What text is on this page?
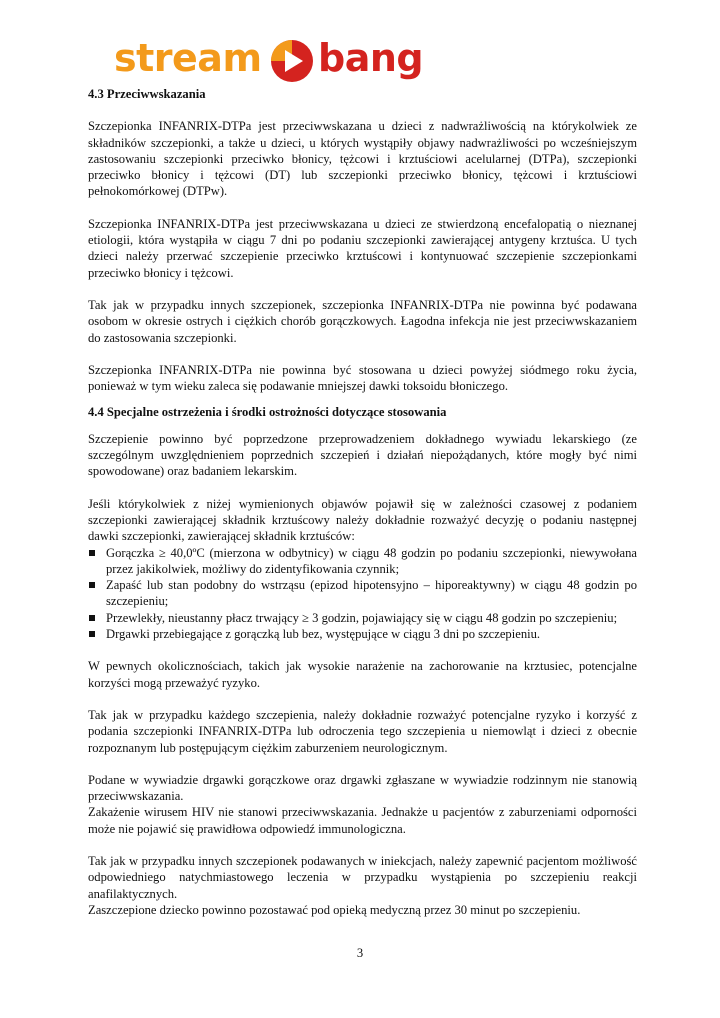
stream bang
4.3 Przeciwwskazania

Szczepionka INFANRIX-DTPa jest przeciwwskazana u dzieci z nadwrażliwością na którykolwiek ze składników szczepionki, a także u dzieci, u których wystąpiły objawy nadwrażliwości po wcześniejszym zastosowaniu szczepionki przeciwko błonicy, tężcowi i krztuściowi acelularnej (DTPa), szczepionki przeciwko błonicy i tężcowi (DT) lub szczepionki przeciwko błonicy, tężcowi i krztuściowi pełnokomórkowej (DTPw).

Szczepionka INFANRIX-DTPa jest przeciwwskazana u dzieci ze stwierdzoną encefalopatią o nieznanej etiologii, która wystąpiła w ciągu 7 dni po podaniu szczepionki zawierającej antygeny krztuśca. U tych dzieci należy przerwać szczepienie przeciwko krztuścowi i kontynuować szczepienie szczepionkami przeciwko błonicy i tężcowi.

Tak jak w przypadku innych szczepionek, szczepionka INFANRIX-DTPa nie powinna być podawana osobom w okresie ostrych i ciężkich chorób gorączkowych. Łagodna infekcja nie jest przeciwwskazaniem do zastosowania szczepionki.

Szczepionka INFANRIX-DTPa nie powinna być stosowana u dzieci powyżej siódmego roku życia, ponieważ w tym wieku zaleca się podawanie mniejszej dawki toksoidu błoniczego.

4.4 Specjalne ostrzeżenia i środki ostrożności dotyczące stosowania

Szczepienie powinno być poprzedzone przeprowadzeniem dokładnego wywiadu lekarskiego (ze szczególnym uwzględnieniem poprzednich szczepień i działań niepożądanych, które mogły być nimi spowodowane) oraz badaniem lekarskim.

Jeśli którykolwiek z niżej wymienionych objawów pojawił się w zależności czasowej z podaniem szczepionki zawierającej składnik krztuścowy należy dokładnie rozważyć decyzję o podaniu następnej dawki szczepionki, zawierającej składnik krztuśców:

Gorączka ≥ 40,0ºC (mierzona w odbytnicy) w ciągu 48 godzin po podaniu szczepionki, niewywołana przez jakikolwiek, możliwy do zidentyfikowania czynnik;
Zapaść lub stan podobny do wstrząsu (epizod hipotensyjno – hiporeaktywny) w ciągu 48 godzin po szczepieniu;
Przewlekły, nieustanny płacz trwający ≥ 3 godzin, pojawiający się w ciągu 48 godzin po szczepieniu;
Drgawki przebiegające z gorączką lub bez, występujące w ciągu 3 dni po szczepieniu.

W pewnych okolicznościach, takich jak wysokie narażenie na zachorowanie na krztusiec, potencjalne korzyści mogą przeważyć ryzyko.

Tak jak w przypadku każdego szczepienia, należy dokładnie rozważyć potencjalne ryzyko i korzyść z podania szczepionki INFANRIX-DTPa lub odroczenia tego szczepienia u niemowląt i dzieci z obecnie rozpoznanym lub postępującym ciężkim zaburzeniem neurologicznym.

Podane w wywiadzie drgawki gorączkowe oraz drgawki zgłaszane w wywiadzie rodzinnym nie stanowią przeciwwskazania.

Zakażenie wirusem HIV nie stanowi przeciwwskazania. Jednakże u pacjentów z zaburzeniami odporności może nie pojawić się prawidłowa odpowiedź immunologiczna.

Tak jak w przypadku innych szczepionek podawanych w iniekcjach, należy zapewnić pacjentom możliwość odpowiedniego natychmiastowego leczenia w przypadku wystąpienia po szczepieniu reakcji anafilaktycznych.

Zaszczepione dziecko powinno pozostawać pod opieką medyczną przez 30 minut po szczepieniu.

3
